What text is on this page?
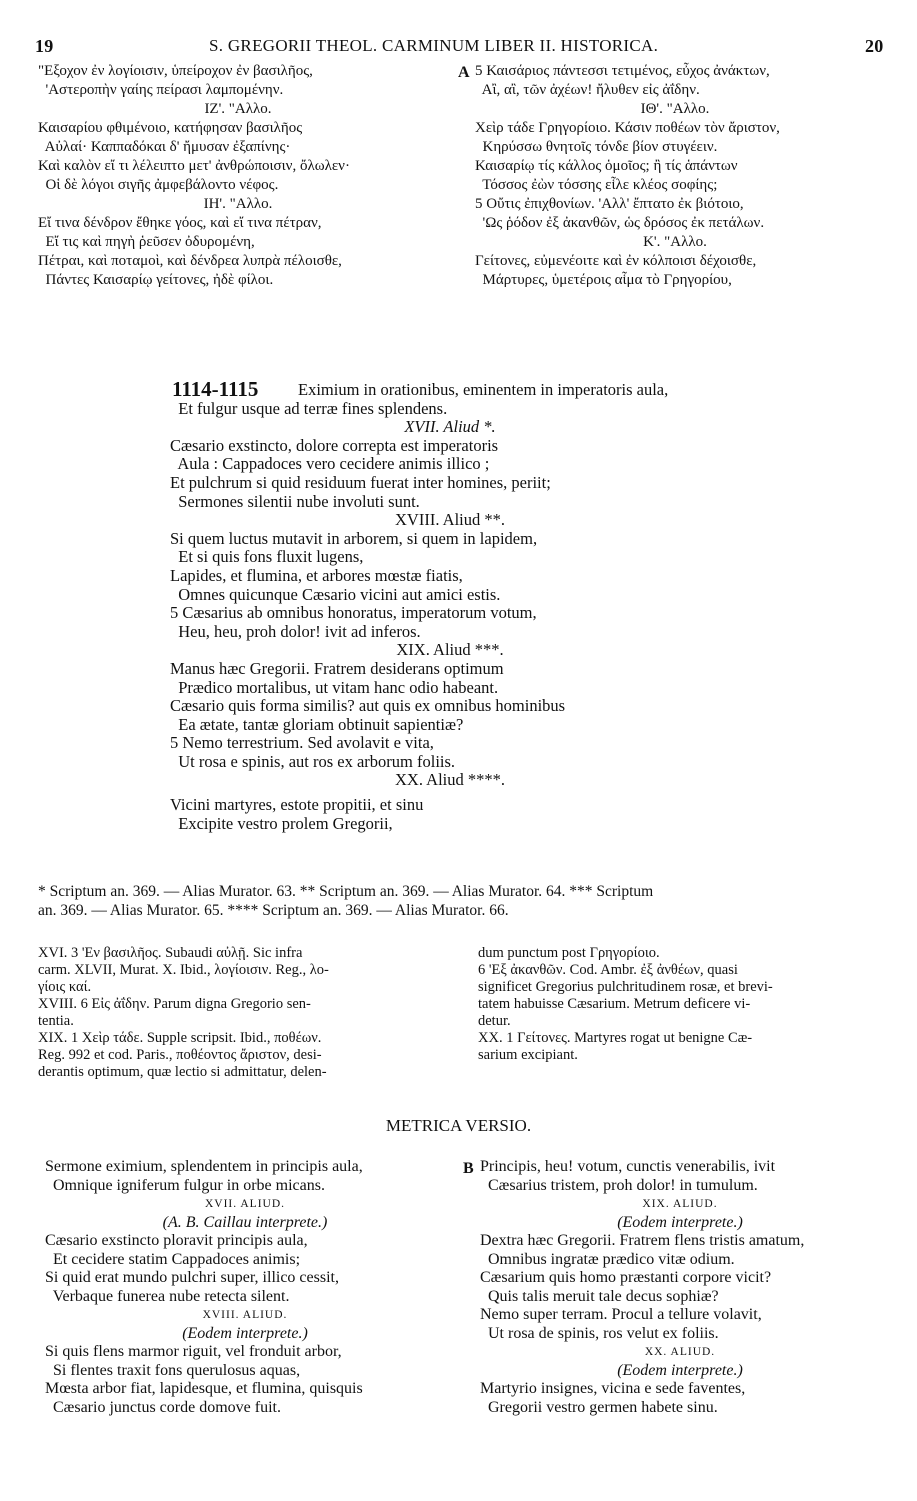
19	S. GREGORII THEOL. CARMINUM LIBER II. HISTORICA.	20
"Εξοχον ἐν λογίοισιν, ὑπείροχον ἐν βασιλῆος,
'Αστεροπὴν γαίης πείρασι λαμπομένην.
ΙΖ'. "Αλλο.
Καισαρίου φθιμένοιο, κατήφησαν βασιλῆος
Αὐλαί· Καππαδόκαι δ' ἤμυσαν ἐξαπίνης·
Καὶ καλὸν εἴ τι λέλειπτο μετ' ἀνθρώποισιν, ὄλωλεν·
Οἱ δὲ λόγοι σιγῆς ἀμφεβάλοντο νέφος.
ΙΗ'. "Αλλο.
Εἴ τινα δένδρον ἔθηκε γόος, καὶ εἴ τινα πέτραν,
Εἴ τις καὶ πηγὴ ῥεῦσεν ὀδυρομένη,
Πέτραι, καὶ ποταμοὶ, καὶ δένδρεα λυπρὰ πέλοισθε,
Πάντες Καισαρίῳ γείτονες, ἠδὲ φίλοι.
A 5 Καισάριος πάντεσσι τετιμένος, εὖχος ἀνάκτων,
Αἲ, αἲ, τῶν ἀχέων! ἤλυθεν εἰς ἀΐδην.
ΙΘ'. "Αλλο.
Χεὶρ τάδε Γρηγορίοιο. Κάσιν ποθέων τὸν ἄριστον,
Κηρύσσω θνητοῖς τόνδε βίον στυγέειν.
Καισαρίῳ τίς κάλλος ὁμοῖος; ἢ τίς ἁπάντων
Τόσσος ἐὼν τόσσης εἷλε κλέος σοφίης;
5 Οὔτις ἐπιχθονίων. 'Αλλ' ἔπτατο ἐκ βιότοιο,
'Ως ῥόδον ἐξ ἀκανθῶν, ὡς δρόσος ἐκ πετάλων.
Κ'. "Αλλο.
Γείτονες, εὐμενέοιτε καὶ ἐν κόλποισι δέχοισθε,
Μάρτυρες, ὑμετέροις αἷμα τὸ Γρηγορίου,
1114-1115	Eximium in orationibus, eminentem in imperatoris aula,
Et fulgur usque ad terræ fines splendens.
XVII. Aliud *.
Cæsario exstincto, dolore correpta est imperatoris
Aula : Cappadoces vero cecidere animis illico ;
Et pulchrum si quid residuum fuerat inter homines, periit;
Sermones silentii nube involuti sunt.
XVIII. Aliud **.
Si quem luctus mutavit in arborem, si quem in lapidem,
Et si quis fons fluxit lugens,
Lapides, et flumina, et arbores mœstæ fiatis,
Omnes quicunque Cæsario vicini aut amici estis.
5 Cæsarius ab omnibus honoratus, imperatorum votum,
Heu, heu, proh dolor! ivit ad inferos.
XIX. Aliud ***.
Manus hæc Gregorii. Fratrem desiderans optimum
Prædico mortalibus, ut vitam hanc odio habeant.
Cæsario quis forma similis? aut quis ex omnibus hominibus
Ea ætate, tantæ gloriam obtinuit sapientiæ?
5 Nemo terrestrium. Sed avolavit e vita,
Ut rosa e spinis, aut ros ex arborum foliis.
XX. Aliud ****.
Vicini martyres, estote propitii, et sinu
Excipite vestro prolem Gregorii,
* Scriptum an. 369. — Alias Murator. 63. ** Scriptum an. 369. — Alias Murator. 64. *** Scriptum
an. 369. — Alias Murator. 65. **** Scriptum an. 369. — Alias Murator. 66.
XVI. 3 'Εν βασιλῆος. Subaudi αὐλῇ. Sic infra
carm. XLVII, Murat. X. Ibid., λογίοισιν. Reg., λο-
γίοις καί.
XVIII. 6 Εἰς ἀΐδην. Parum digna Gregorio sen-
tentia.
XIX. 1 Χεὶρ τάδε. Supple scripsit. Ibid., ποθέων.
Reg. 992 et cod. Paris., ποθέοντος ἄριστον, desi-
derantis optimum, quæ lectio si admittatur, delen-
dum punctum post Γρηγορίοιο.
6 'Εξ ἀκανθῶν. Cod. Ambr. ἐξ ἀνθέων, quasi
significet Gregorius pulchritudinem rosæ, et brevi-
tatem habuisse Cæsarium. Metrum deficere vi-
detur.
XX. 1 Γείτονες. Martyres rogat ut benigne Cæ-
sarium excipiant.
METRICA VERSIO.
Sermone eximium, splendentem in principis aula,
Omnique igniferum fulgur in orbe micans.
XVII. ALIUD.
(A. B. Caillau interprete.)
Cæsario exstincto ploravit principis aula,
Et cecidere statim Cappadoces animis;
Si quid erat mundo pulchri super, illico cessit,
Verbaque funerea nube retecta silent.
XVIII. ALIUD.
(Eodem interprete.)
Si quis flens marmor riguit, vel fronduit arbor,
Si flentes traxit fons querulosus aquas,
Mœsta arbor fiat, lapidesque, et flumina, quisquis
Cæsario junctus corde domove fuit.
B Principis, heu! votum, cunctis venerabilis, ivit
Cæsarius tristem, proh dolor! in tumulum.
XIX. ALIUD.
(Eodem interprete.)
Dextra hæc Gregorii. Fratrem flens tristis amatum,
Omnibus ingratæ prædico vitæ odium.
Cæsarium quis homo præstanti corpore vicit?
Quis talis meruit tale decus sophiæ?
Nemo super terram. Procul a tellure volavit,
Ut rosa de spinis, ros velut ex foliis.
XX. ALIUD.
(Eodem interprete.)
Martyrio insignes, vicina e sede faventes,
Gregorii vestro germen habete sinu.
